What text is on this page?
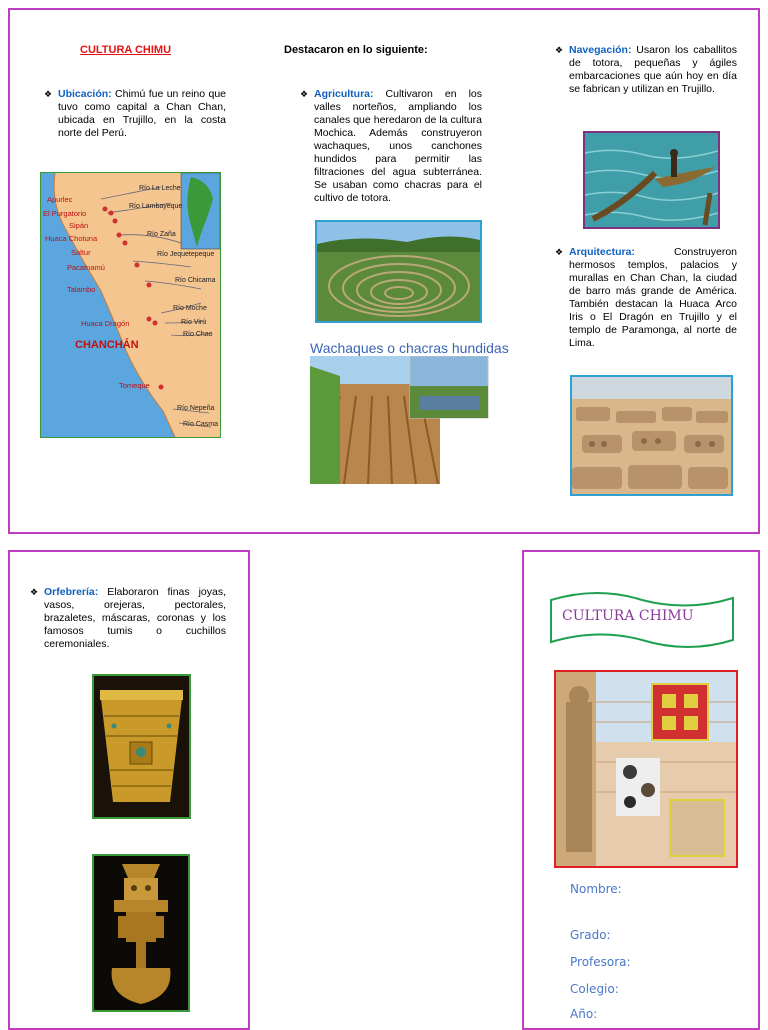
CULTURA CHIMU	Destacaron en lo siguiente:
❖ Ubicación: Chimú fue un reino que tuvo como capital a Chan Chan, ubicada en Trujillo, en la costa norte del Perú.
Apurlec
El Purgatorio
Sipán
Huaca Chotuna
Saltur
Pacatnamú
Talambo
Huaca Dragón
CHANCHÁN
Tomeque
Río La Leche
Río Lambayeque
Río Zaña
Río Jequetepeque
Río Chicama
Río Moche
Río Virú
Río Chao
Río Nepeña
Río Casma
❖ Agricultura: Cultivaron en los valles norteños, ampliando los canales que heredaron de la cultura Mochica. Además construyeron wachaques, unos canchones hundidos para permitir las filtraciones del agua subterránea. Se usaban como chacras para el cultivo de totora.
Wachaques o chacras hundidas
❖ Navegación: Usaron los caballitos de totora, pequeñas y ágiles embarcaciones que aún hoy en día se fabrican y utilizan en Trujillo.
❖ Arquitectura: Construyeron hermosos templos, palacios y murallas en Chan Chan, la ciudad de barro más grande de América. También destacan la Huaca Arco Iris o El Dragón en Trujillo y el templo de Paramonga, al norte de Lima.
❖ Orfebrería: Elaboraron finas joyas, vasos, orejeras, pectorales, brazaletes, máscaras, coronas y los famosos tumis o cuchillos ceremoniales.
CULTURA CHIMU
Nombre:
Grado:
Profesora:
Colegio:
Año:
